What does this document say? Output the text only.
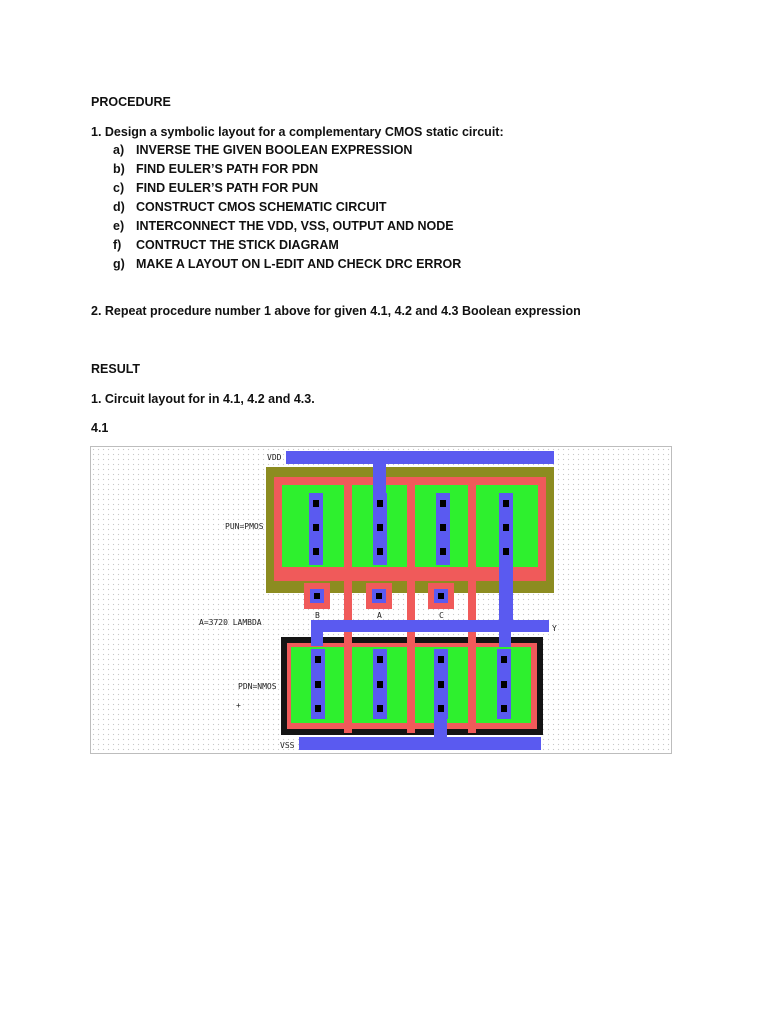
PROCEDURE
1. Design a symbolic layout for a complementary CMOS static circuit:
a) INVERSE THE GIVEN BOOLEAN EXPRESSION
b) FIND EULER’S PATH FOR PDN
c) FIND EULER’S PATH FOR PUN
d) CONSTRUCT CMOS SCHEMATIC CIRCUIT
e) INTERCONNECT THE VDD, VSS, OUTPUT AND NODE
f) CONTRUCT THE STICK DIAGRAM
g) MAKE A LAYOUT ON L-EDIT AND CHECK DRC ERROR
2. Repeat procedure number 1 above for given 4.1, 4.2 and 4.3 Boolean expression
RESULT
1. Circuit layout for in 4.1, 4.2 and 4.3.
4.1
VDD
PUN=PMOS
A=3720 LAMBDA
B	A	C
Y
PDN=NMOS
+
VSS
